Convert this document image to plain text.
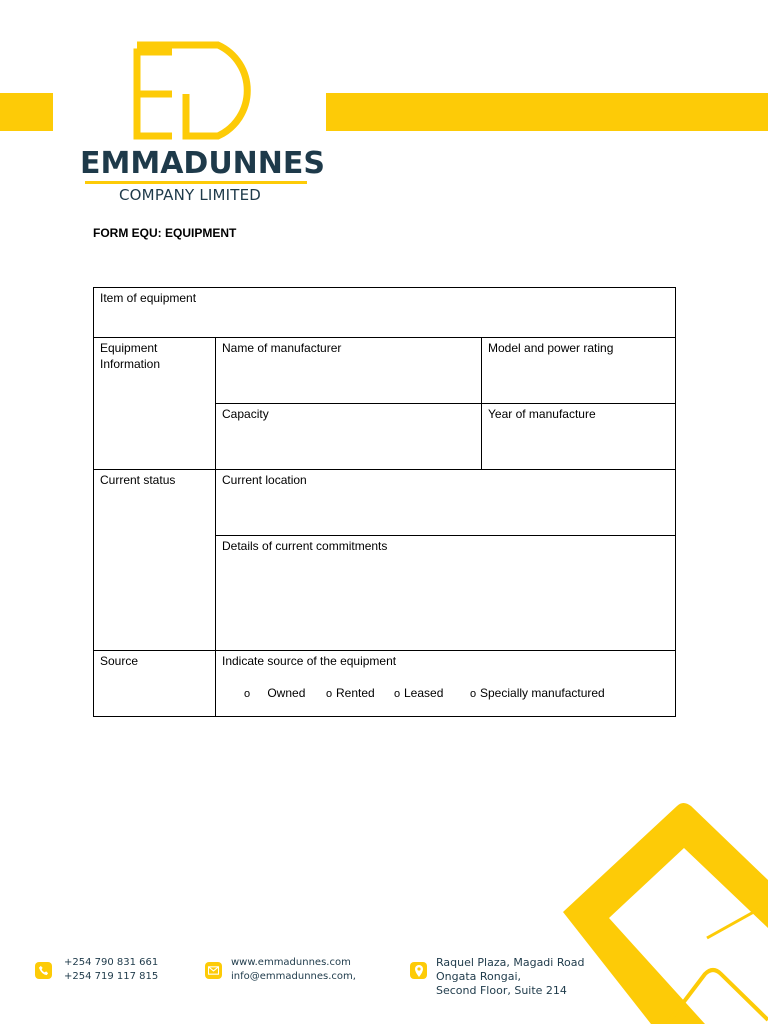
EMMADUNNES
COMPANY LIMITED
FORM EQU: EQUIPMENT
Item of equipment		
Equipment Information	Name of manufacturer	Model and power rating
	Capacity	Year of manufacture
Current status	Current location	
	Details of current commitments	
Source	Indicate source of the equipment
o Owned o Rented o Leased o Specially manufactured	
+254 790 831 661
+254 719 117 815
www.emmadunnes.com
info@emmadunnes.com,
Raquel Plaza, Magadi Road
Ongata Rongai,
Second Floor, Suite 214
